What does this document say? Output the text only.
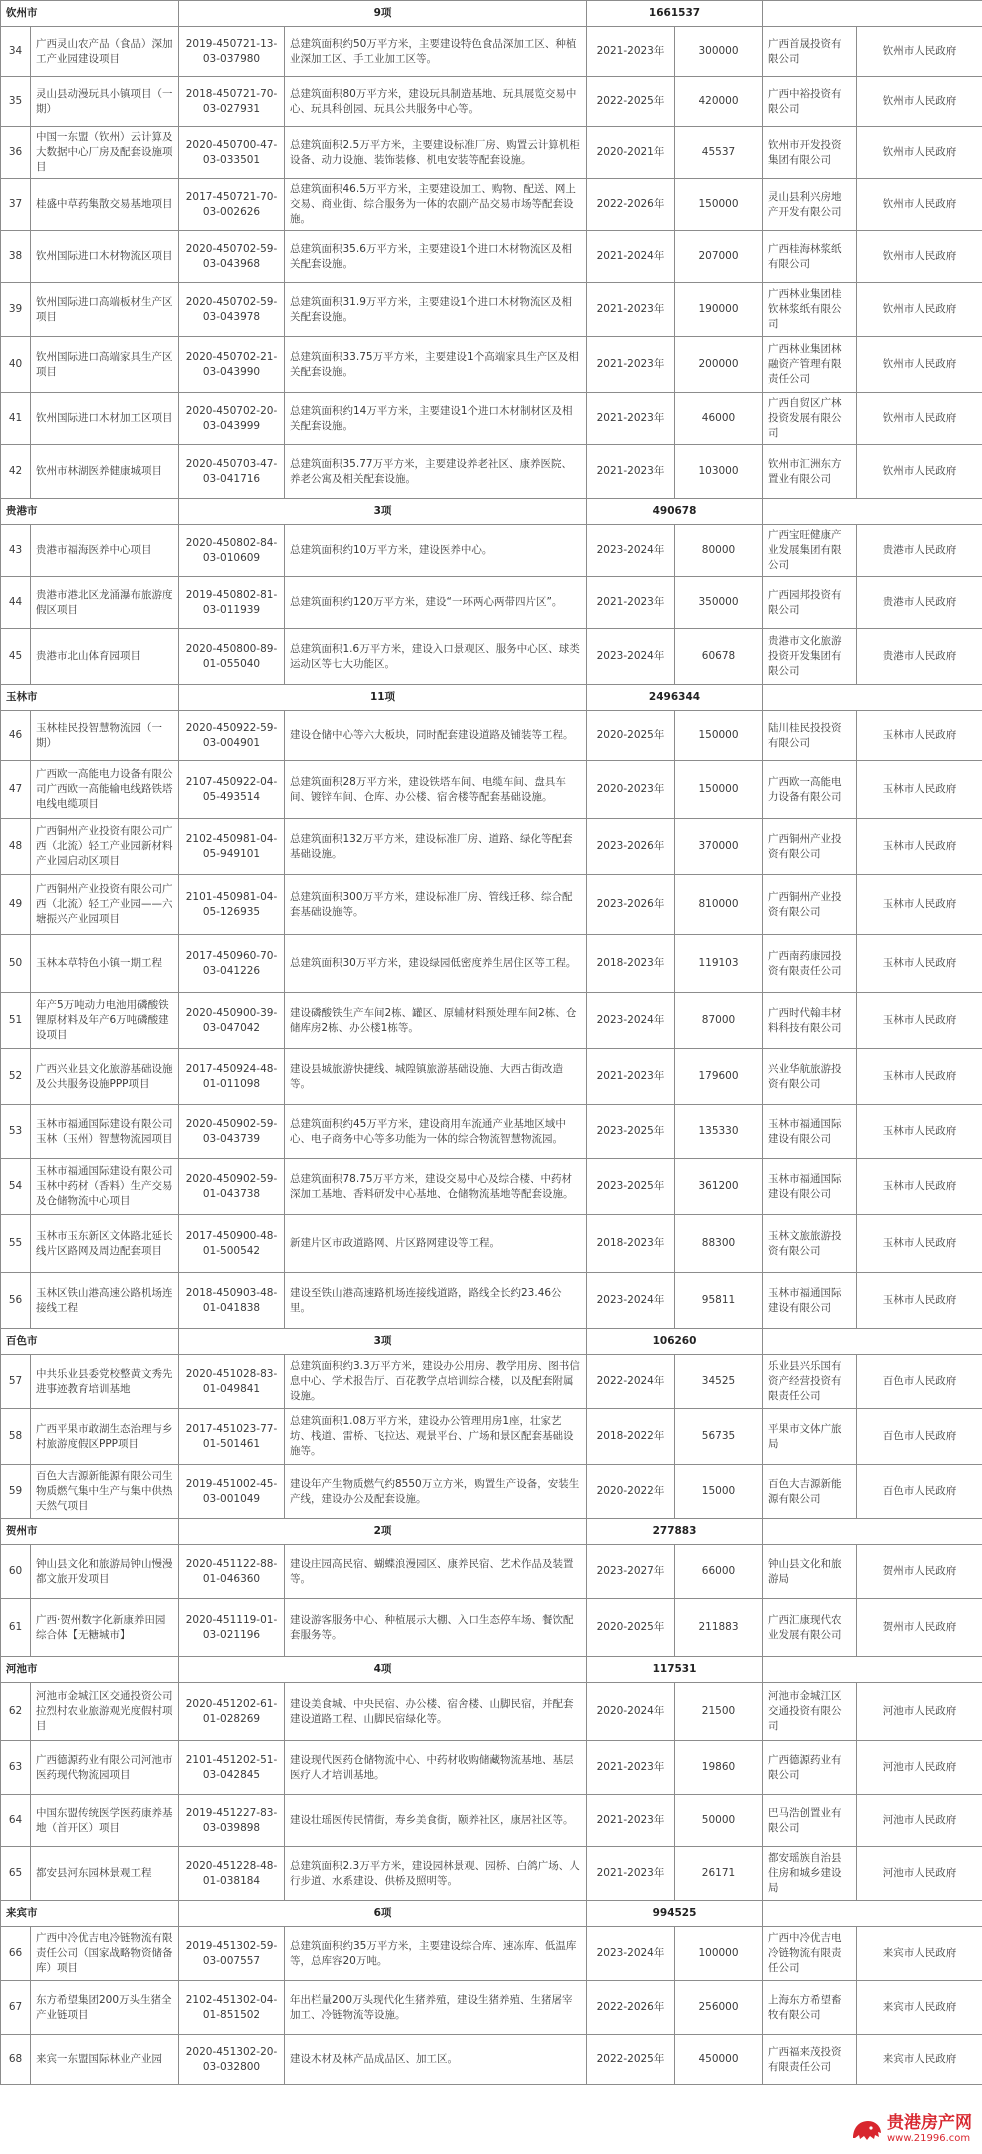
钦州市		9项		1661537			
34	广西灵山农产品（食品）深加工产业园建设项目	2019-450721-13-03-037980	总建筑面积约50万平方米，主要建设特色食品深加工区、种植业深加工区、手工业加工区等。	2021-2023年	300000	广西首晟投资有限公司	钦州市人民政府
35	灵山县动漫玩具小镇项目（一期）	2018-450721-70-03-027931	总建筑面积80万平方米，建设玩具制造基地、玩具展览交易中心、玩具科创园、玩具公共服务中心等。	2022-2025年	420000	广西中裕投资有限公司	钦州市人民政府
36	中国一东盟（钦州）云计算及大数据中心厂房及配套设施项目	2020-450700-47-03-033501	总建筑面积2.5万平方米，主要建设标准厂房、购置云计算机柜设备、动力设施、装饰装修、机电安装等配套设施。	2020-2021年	45537	钦州市开发投资集团有限公司	钦州市人民政府
37	桂盛中草药集散交易基地项目	2017-450721-70-03-002626	总建筑面积46.5万平方米，主要建设加工、购物、配送、网上交易、商业街、综合服务为一体的农副产品交易市场等配套设施。	2022-2026年	150000	灵山县利兴房地产开发有限公司	钦州市人民政府
38	钦州国际进口木材物流区项目	2020-450702-59-03-043968	总建筑面积35.6万平方米，主要建设1个进口木材物流区及相关配套设施。	2021-2024年	207000	广西桂海林浆纸有限公司	钦州市人民政府
39	钦州国际进口高端板材生产区项目	2020-450702-59-03-043978	总建筑面积31.9万平方米，主要建设1个进口木材物流区及相关配套设施。	2021-2023年	190000	广西林业集团桂钦林浆纸有限公司	钦州市人民政府
40	钦州国际进口高端家具生产区项目	2020-450702-21-03-043990	总建筑面积33.75万平方米，主要建设1个高端家具生产区及相关配套设施。	2021-2023年	200000	广西林业集团林融资产管理有限责任公司	钦州市人民政府
41	钦州国际进口木材加工区项目	2020-450702-20-03-043999	总建筑面积约14万平方米，主要建设1个进口木材制材区及相关配套设施。	2021-2023年	46000	广西自贸区广林投资发展有限公司	钦州市人民政府
42	钦州市林湖医养健康城项目	2020-450703-47-03-041716	总建筑面积35.77万平方米，主要建设养老社区、康养医院、养老公寓及相关配套设施。	2021-2023年	103000	钦州市汇洲东方置业有限公司	钦州市人民政府
贵港市		3项		490678			
43	贵港市福海医养中心项目	2020-450802-84-03-010609	总建筑面积约10万平方米，建设医养中心。	2023-2024年	80000	广西宝旺健康产业发展集团有限公司	贵港市人民政府
44	贵港市港北区龙涌瀑布旅游度假区项目	2019-450802-81-03-011939	总建筑面积约120万平方米，建设“一环两心两带四片区”。	2021-2023年	350000	广西园邦投资有限公司	贵港市人民政府
45	贵港市北山体育园项目	2020-450800-89-01-055040	总建筑面积1.6万平方米，建设入口景观区、服务中心区、球类运动区等七大功能区。	2023-2024年	60678	贵港市文化旅游投资开发集团有限公司	贵港市人民政府
玉林市		11项		2496344			
46	玉林桂民投智慧物流园（一期）	2020-450922-59-03-004901	建设仓储中心等六大板块，同时配套建设道路及铺装等工程。	2020-2025年	150000	陆川桂民投投资有限公司	玉林市人民政府
47	广西欧一高能电力设备有限公司广西欧一高能输电线路铁塔电线电缆项目	2107-450922-04-05-493514	总建筑面积28万平方米，建设铁塔车间、电缆车间、盘具车间、镀锌车间、仓库、办公楼、宿舍楼等配套基础设施。	2020-2023年	150000	广西欧一高能电力设备有限公司	玉林市人民政府
48	广西铜州产业投资有限公司广西（北流）轻工产业园新材料产业园启动区项目	2102-450981-04-05-949101	总建筑面积132万平方米，建设标准厂房、道路、绿化等配套基础设施。	2023-2026年	370000	广西铜州产业投资有限公司	玉林市人民政府
49	广西铜州产业投资有限公司广西（北流）轻工产业园——六塘振兴产业园项目	2101-450981-04-05-126935	总建筑面积300万平方米，建设标准厂房、管线迁移、综合配套基础设施等。	2023-2026年	810000	广西铜州产业投资有限公司	玉林市人民政府
50	玉林本草特色小镇一期工程	2017-450960-70-03-041226	总建筑面积30万平方米，建设绿园低密度养生居住区等工程。	2018-2023年	119103	广西南药康园投资有限责任公司	玉林市人民政府
51	年产5万吨动力电池用磷酸铁锂原材料及年产6万吨磷酸建设项目	2020-450900-39-03-047042	建设磷酸铁生产车间2栋、罐区、原辅材料预处理车间2栋、仓储库房2栋、办公楼1栋等。	2023-2024年	87000	广西时代翰丰材料科技有限公司	玉林市人民政府
52	广西兴业县文化旅游基础设施及公共服务设施PPP项目	2017-450924-48-01-011098	建设县城旅游快捷线、城隍镇旅游基础设施、大西古街改造等。	2021-2023年	179600	兴业华航旅游投资有限公司	玉林市人民政府
53	玉林市福通国际建设有限公司玉林（玉州）智慧物流园项目	2020-450902-59-03-043739	总建筑面积约45万平方米，建设商用车流通产业基地区域中心、电子商务中心等多功能为一体的综合物流智慧物流园。	2023-2025年	135330	玉林市福通国际建设有限公司	玉林市人民政府
54	玉林市福通国际建设有限公司玉林中药材（香料）生产交易及仓储物流中心项目	2020-450902-59-01-043738	总建筑面积78.75万平方米，建设交易中心及综合楼、中药材深加工基地、香料研发中心基地、仓储物流基地等配套设施。	2023-2025年	361200	玉林市福通国际建设有限公司	玉林市人民政府
55	玉林市玉东新区文体路北延长线片区路网及周边配套项目	2017-450900-48-01-500542	新建片区市政道路网、片区路网建设等工程。	2018-2023年	88300	玉林文旅旅游投资有限公司	玉林市人民政府
56	玉林区铁山港高速公路机场连接线工程	2018-450903-48-01-041838	建设至铁山港高速路机场连接线道路，路线全长约23.46公里。	2023-2024年	95811	玉林市福通国际建设有限公司	玉林市人民政府
百色市		3项		106260			
57	中共乐业县委党校整黄文秀先进事迹教育培训基地	2020-451028-83-01-049841	总建筑面积约3.3万平方米，建设办公用房、教学用房、图书信息中心、学术报告厅、百花教学点培训综合楼，以及配套附属设施。	2022-2024年	34525	乐业县兴乐国有资产经营投资有限责任公司	百色市人民政府
58	广西平果市敢湖生态治理与乡村旅游度假区PPP项目	2017-451023-77-01-501461	总建筑面积1.08万平方米，建设办公管理用房1座，壮家艺坊、栈道、雷桥、飞拉达、观景平台、广场和景区配套基础设施等。	2018-2022年	56735	平果市文体广旅局	百色市人民政府
59	百色大吉源新能源有限公司生物质燃气集中生产与集中供热天然气项目	2019-451002-45-03-001049	建设年产生物质燃气约8550万立方米，购置生产设备，安装生产线，建设办公及配套设施。	2020-2022年	15000	百色大吉源新能源有限公司	百色市人民政府
贺州市		2项		277883			
60	钟山县文化和旅游局钟山慢漫都文旅开发项目	2020-451122-88-01-046360	建设庄园高民宿、蝴蝶浪漫园区、康养民宿、艺术作品及装置等。	2023-2027年	66000	钟山县文化和旅游局	贺州市人民政府
61	广西·贺州数字化新康养田园综合体【无糖城市】	2020-451119-01-03-021196	建设游客服务中心、种植展示大棚、入口生态停车场、餐饮配套服务等。	2020-2025年	211883	广西汇康现代农业发展有限公司	贺州市人民政府
河池市		4项		117531			
62	河池市金城江区交通投资公司拉烈村农业旅游观光度假村项目	2020-451202-61-01-028269	建设美食城、中央民宿、办公楼、宿舍楼、山脚民宿，并配套建设道路工程、山脚民宿绿化等。	2020-2024年	21500	河池市金城江区交通投资有限公司	河池市人民政府
63	广西德源药业有限公司河池市医药现代物流园项目	2101-451202-51-03-042845	建设现代医药仓储物流中心、中药材收购储藏物流基地、基层医疗人才培训基地。	2021-2023年	19860	广西德源药业有限公司	河池市人民政府
64	中国东盟传统医学医药康养基地（首开区）项目	2019-451227-83-03-039898	建设壮瑶医传民情街，寿乡美食街，颐养社区，康居社区等。	2021-2023年	50000	巴马浩创置业有限公司	河池市人民政府
65	都安县河东园林景观工程	2020-451228-48-01-038184	总建筑面积2.3万平方米，建设园林景观、园桥、白鸽广场、人行步道、水系建设、供桥及照明等。	2021-2023年	26171	都安瑶族自治县住房和城乡建设局	河池市人民政府
来宾市		6项		994525			
66	广西中冷优吉电冷链物流有限责任公司（国家战略物资储备库）项目	2019-451302-59-03-007557	总建筑面积约35万平方米，主要建设综合库、速冻库、低温库等，总库容20万吨。	2023-2024年	100000	广西中冷优吉电冷链物流有限责任公司	来宾市人民政府
67	东方希望集团200万头生猪全产业链项目	2102-451302-04-01-851502	年出栏量200万头现代化生猪养殖，建设生猪养殖、生猪屠宰加工、冷链物流等设施。	2022-2026年	256000	上海东方希望畜牧有限公司	来宾市人民政府
68	来宾一东盟国际林业产业园	2020-451302-20-03-032800	建设木材及林产品成品区、加工区。	2022-2025年	450000	广西福来茂投资有限责任公司	来宾市人民政府
贵港房产网
www.21996.com
